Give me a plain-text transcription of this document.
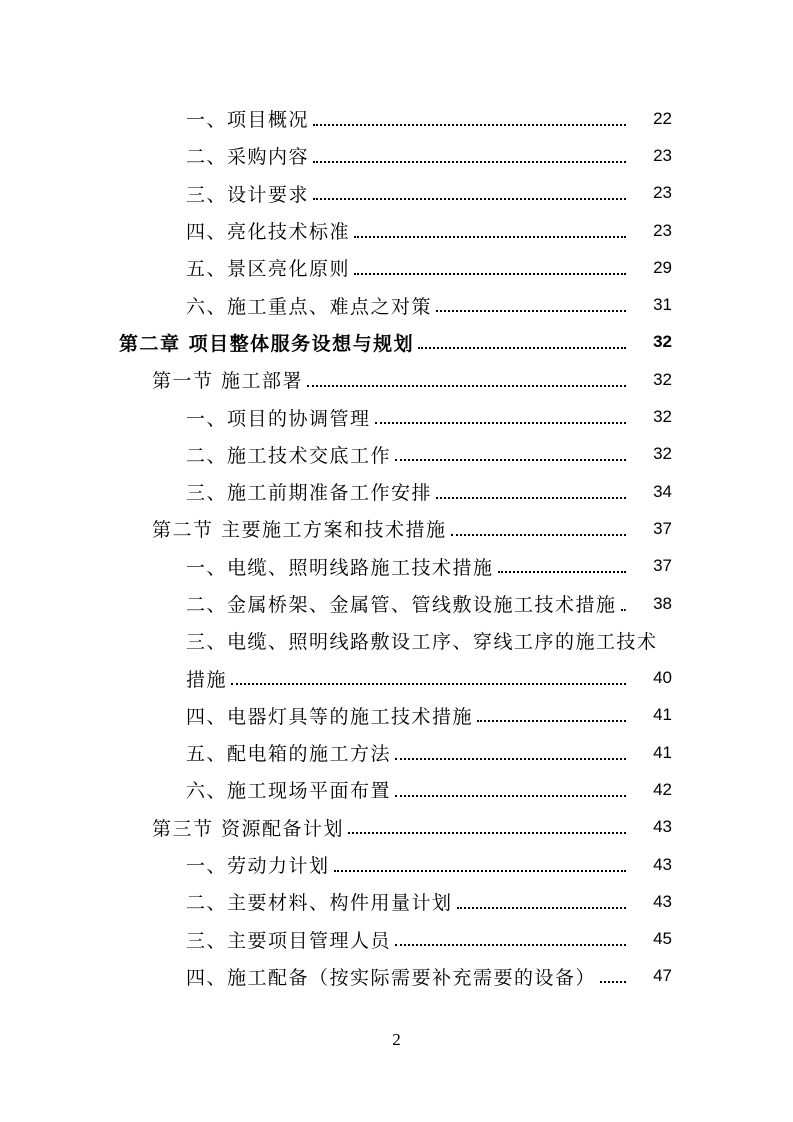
一、项目概况	22
二、采购内容	23
三、设计要求	23
四、亮化技术标准	23
五、景区亮化原则	29
六、施工重点、难点之对策	31
第二章 项目整体服务设想与规划	32
第一节 施工部署	32
一、项目的协调管理	32
二、施工技术交底工作	32
三、施工前期准备工作安排	34
第二节 主要施工方案和技术措施	37
一、电缆、照明线路施工技术措施	37
二、金属桥架、金属管、管线敷设施工技术措施	38
三、电缆、照明线路敷设工序、穿线工序的施工技术
措施	40
四、电器灯具等的施工技术措施	41
五、配电箱的施工方法	41
六、施工现场平面布置	42
第三节 资源配备计划	43
一、劳动力计划	43
二、主要材料、构件用量计划	43
三、主要项目管理人员	45
四、施工配备（按实际需要补充需要的设备）	47
2
